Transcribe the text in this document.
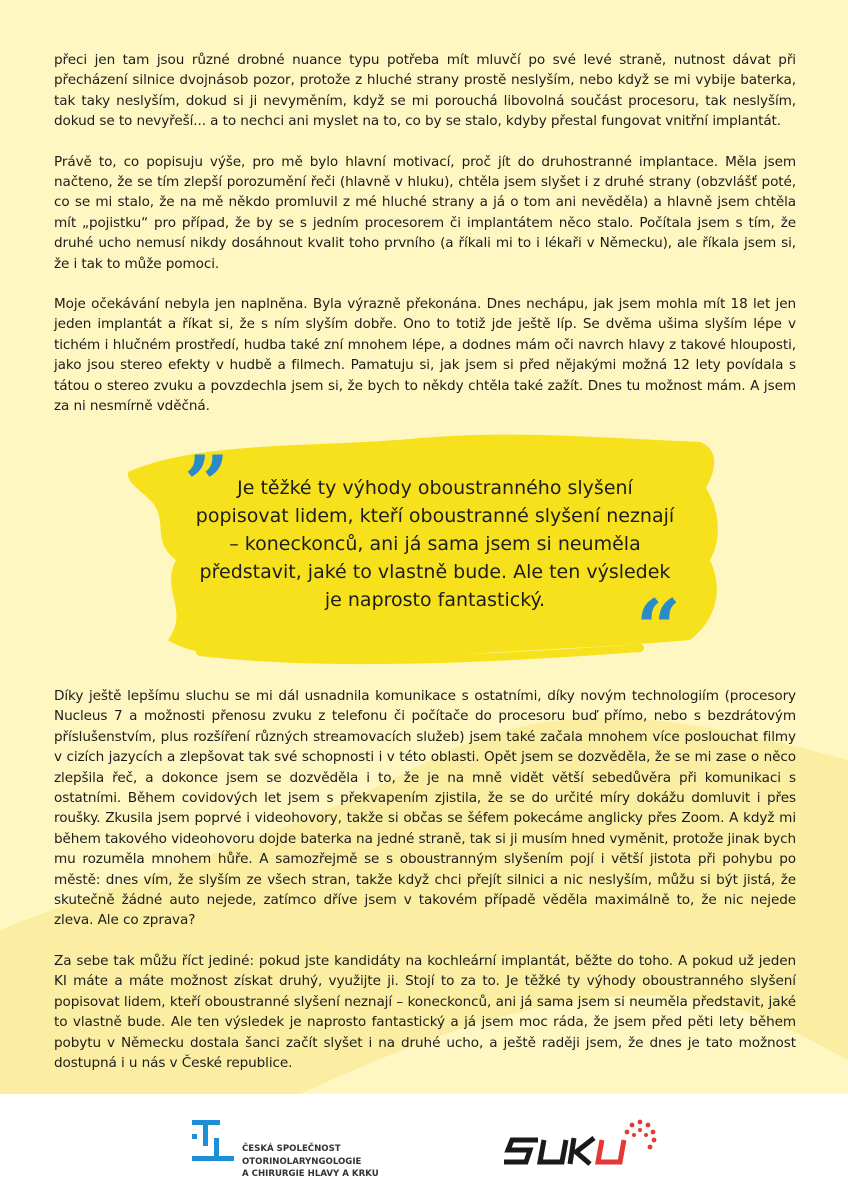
přeci jen tam jsou různé drobné nuance typu potřeba mít mluvčí po své levé straně, nutnost dávat při přecházení silnice dvojnásob pozor, protože z hluché strany prostě neslyším, nebo když se mi vybije baterka, tak taky neslyším, dokud si ji nevyměním, když se mi porouchá libovolná součást procesoru, tak neslyším, dokud se to nevyřeší... a to nechci ani myslet na to, co by se stalo, kdyby přestal fungovat vnitřní implantát.

Právě to, co popisuju výše, pro mě bylo hlavní motivací, proč jít do druhostranné implantace. Měla jsem načteno, že se tím zlepší porozumění řeči (hlavně v hluku), chtěla jsem slyšet i z druhé strany (obzvlášť poté, co se mi stalo, že na mě někdo promluvil z mé hluché strany a já o tom ani nevěděla) a hlavně jsem chtěla mít „pojistku“ pro případ, že by se s jedním procesorem či implantátem něco stalo. Počítala jsem s tím, že druhé ucho nemusí nikdy dosáhnout kvalit toho prvního (a říkali mi to i lékaři v Německu), ale říkala jsem si, že i tak to může pomoci.

Moje očekávání nebyla jen naplněna. Byla výrazně překonána. Dnes nechápu, jak jsem mohla mít 18 let jen jeden implantát a říkat si, že s ním slyším dobře. Ono to totiž jde ještě líp. Se dvěma ušima slyším lépe v tichém i hlučném prostředí, hudba také zní mnohem lépe, a dodnes mám oči navrch hlavy z takové hlouposti, jako jsou stereo efekty v hudbě a filmech. Pamatuju si, jak jsem si před nějakými možná 12 lety povídala s tátou o stereo zvuku a povzdechla jsem si, že bych to někdy chtěla také zažít. Dnes tu možnost mám. A jsem za ni nesmírně vděčná.

” Je těžké ty výhody oboustranného slyšení popisovat lidem, kteří oboustranné slyšení neznají – koneckonců, ani já sama jsem si neuměla představit, jaké to vlastně bude. Ale ten výsledek je naprosto fantastický.	“

Díky ještě lepšímu sluchu se mi dál usnadnila komunikace s ostatními, díky novým technologiím (procesory Nucleus 7 a možnosti přenosu zvuku z telefonu či počítače do procesoru buď přímo, nebo s bezdrátovým příslušenstvím, plus rozšíření různých streamovacích služeb) jsem také začala mnohem více poslouchat filmy v cizích jazycích a zlepšovat tak své schopnosti i v této oblasti. Opět jsem se dozvěděla, že se mi zase o něco zlepšila řeč, a dokonce jsem se dozvěděla i to, že je na mně vidět větší sebedůvěra při komunikaci s ostatními. Během covidových let jsem s překvapením zjistila, že se do určité míry dokážu domluvit i přes roušky. Zkusila jsem poprvé i videohovory, takže si občas se šéfem pokecáme anglicky přes Zoom. A když mi během takového videohovoru dojde baterka na jedné straně, tak si ji musím hned vyměnit, protože jinak bych mu rozuměla mnohem hůře. A samozřejmě se s oboustranným slyšením pojí i větší jistota při pohybu po městě: dnes vím, že slyším ze všech stran, takže když chci přejít silnici a nic neslyším, můžu si být jistá, že skutečně žádné auto nejede, zatímco dříve jsem v takovém případě věděla maximálně to, že nic nejede zleva. Ale co zprava?

Za sebe tak můžu říct jediné: pokud jste kandidáty na kochleární implantát, běžte do toho. A pokud už jeden KI máte a máte možnost získat druhý, využijte ji. Stojí to za to. Je těžké ty výhody oboustranného slyšení popisovat lidem, kteří oboustranné slyšení neznají – koneckonců, ani já sama jsem si neuměla představit, jaké to vlastně bude. Ale ten výsledek je naprosto fantastický a já jsem moc ráda, že jsem před pěti lety během pobytu v Německu dostala šanci začít slyšet i na druhé ucho, a ještě raději jsem, že dnes je tato možnost dostupná i u nás v České republice.

ČESKÁ SPOLEČNOST
OTORINOLARYNGOLOGIE
A CHIRURGIE HLAVY A KRKU
